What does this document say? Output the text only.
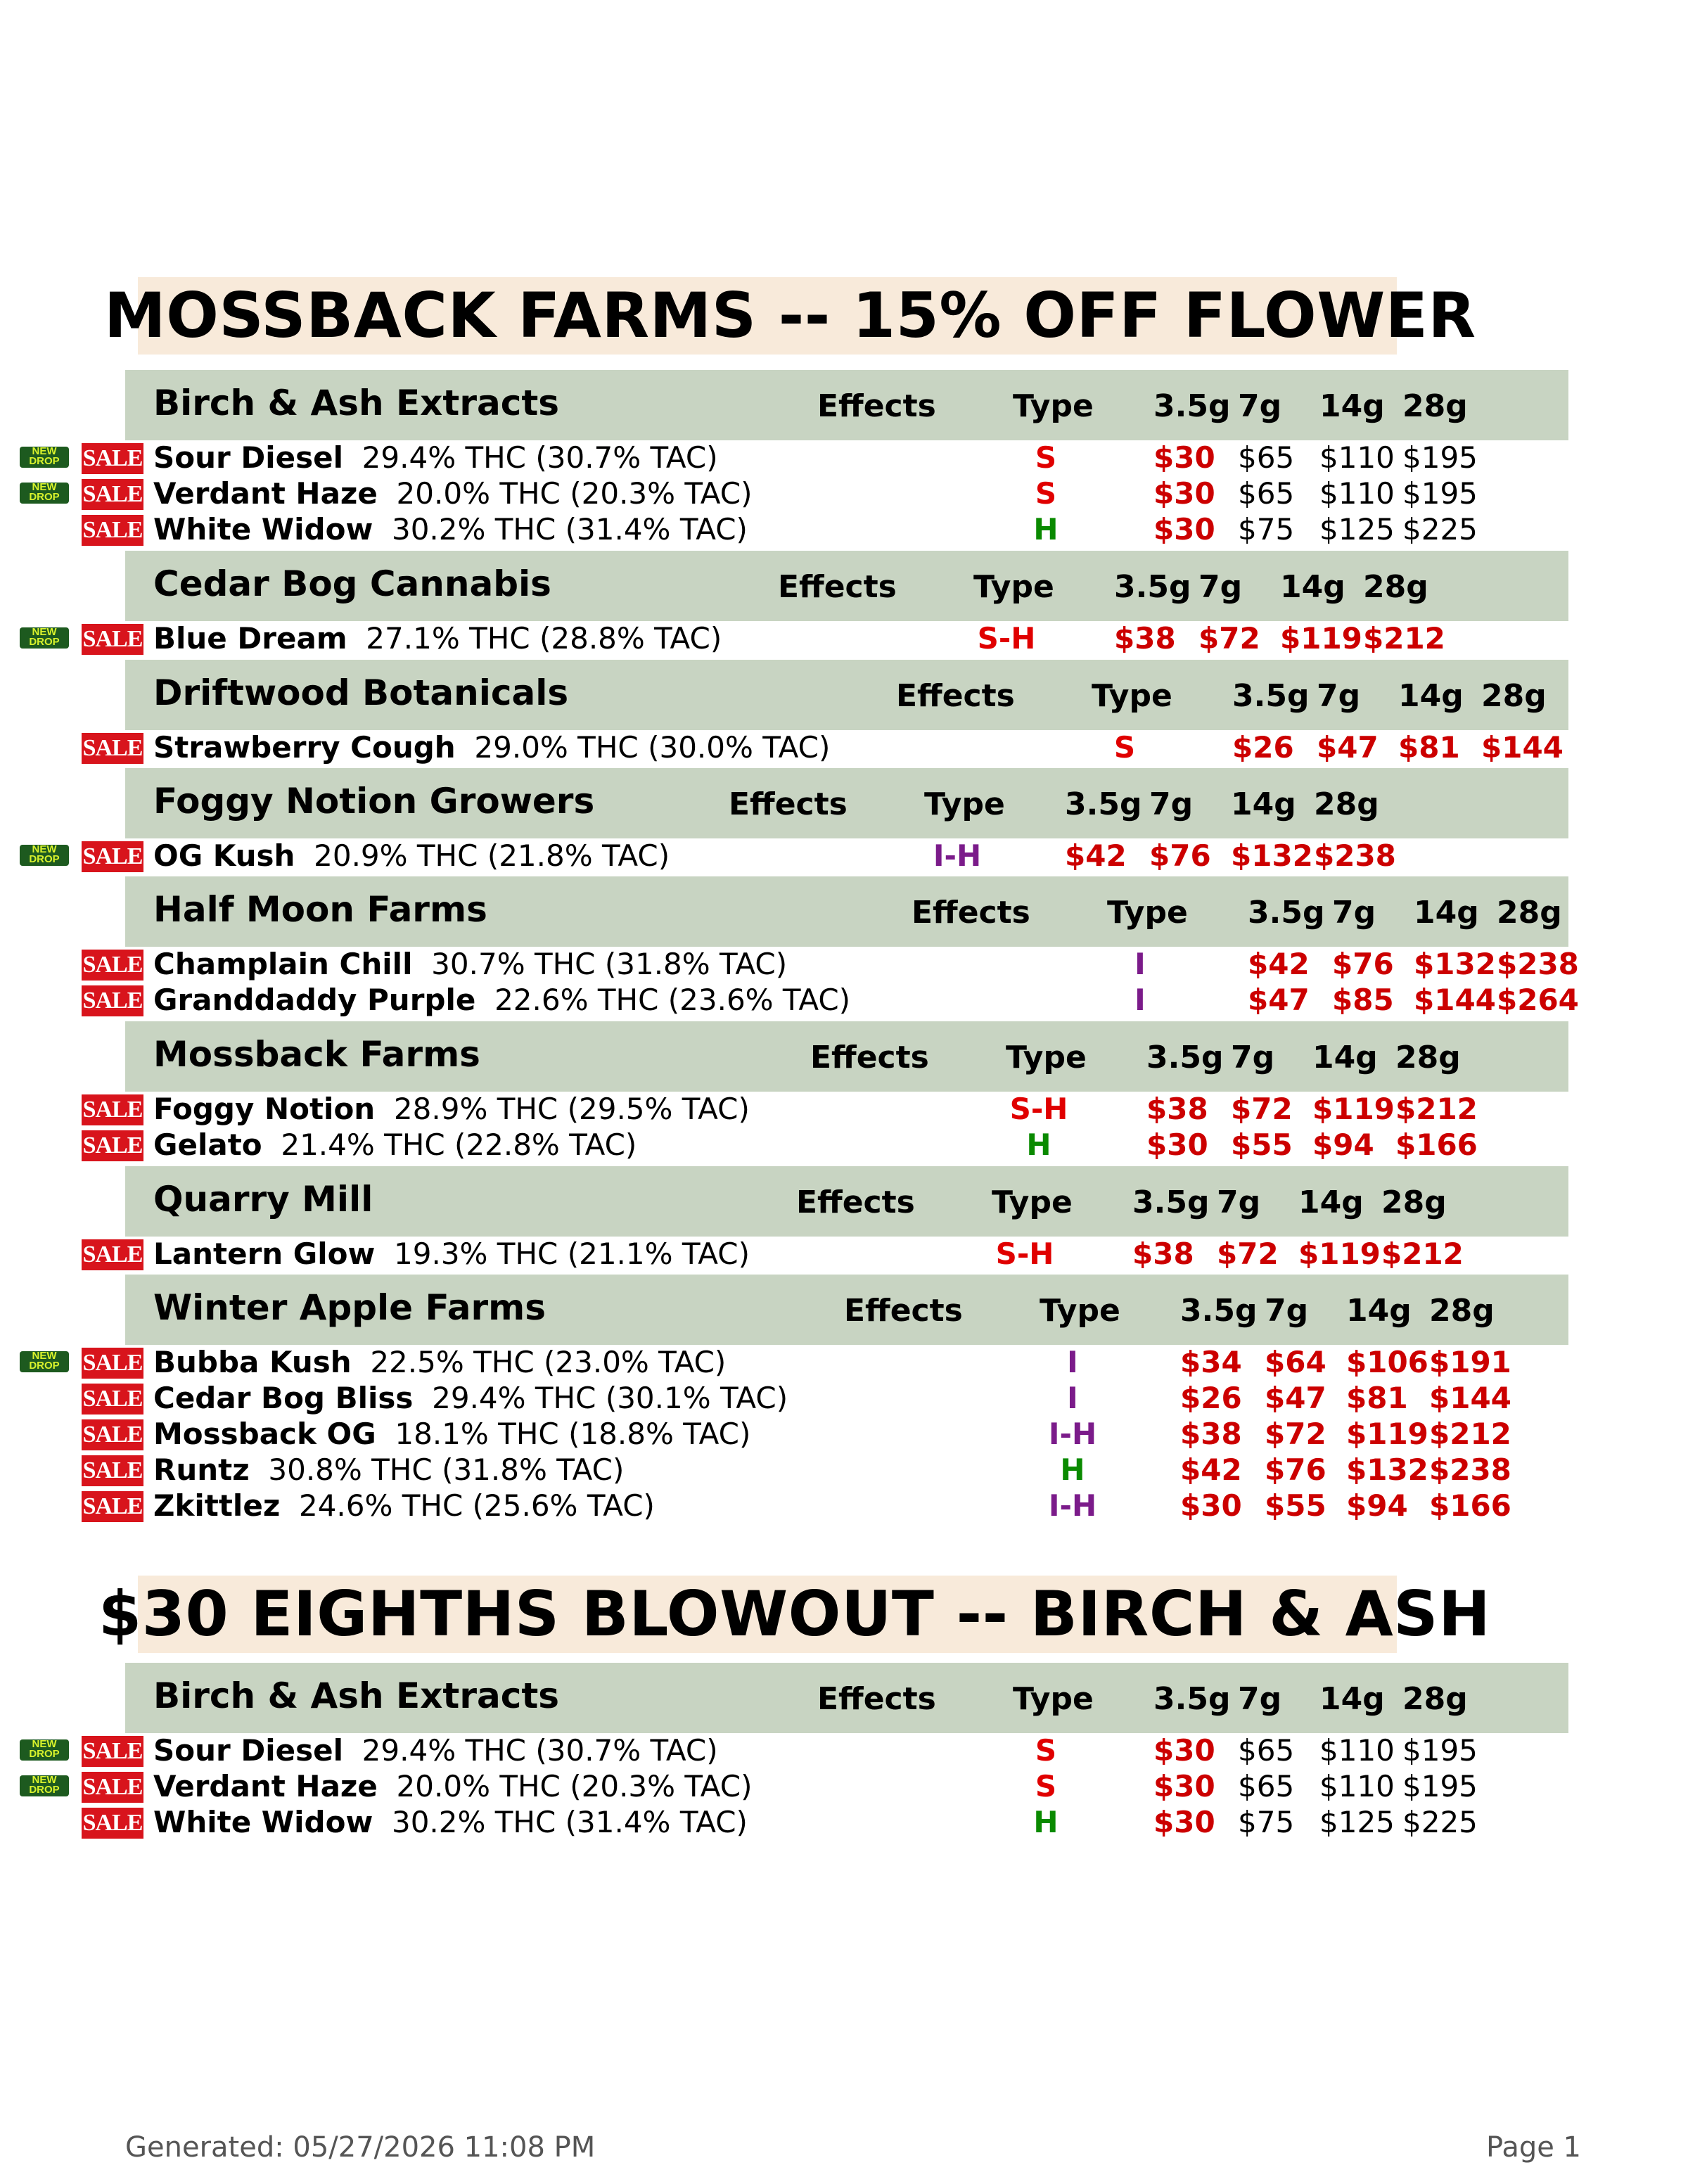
MOSSBACK FARMS -- 15% OFF FLOWER
$30 EIGHTHS BLOWOUT -- BIRCH & ASH
Birch & Ash Extracts	Effects Type 3.5g 7g 14g 28g
NEW
DROP SALE Sour Diesel 29.4% THC (30.7% TAC)	S	$30 $65 $110 $195
NEW
DROP SALE Verdant Haze 20.0% THC (20.3% TAC)	S	$30 $65 $110 $195
SALE White Widow 30.2% THC (31.4% TAC)	H	$30 $75 $125 $225
Cedar Bog Cannabis	Effects Type 3.5g 7g 14g 28g
NEW
DROP SALE Blue Dream 27.1% THC (28.8% TAC)	S-H	$38 $72 $119 $212
Driftwood Botanicals	Effects Type 3.5g 7g 14g 28g
SALE Strawberry Cough 29.0% THC (30.0% TAC)	S	$26 $47 $81 $144
Foggy Notion Growers	Effects Type 3.5g 7g 14g 28g
NEW
DROP SALE OG Kush 20.9% THC (21.8% TAC)	I-H	$42 $76 $132 $238
Half Moon Farms	Effects Type 3.5g 7g 14g 28g
SALE Champlain Chill 30.7% THC (31.8% TAC)	I	$42 $76 $132 $238
SALE Granddaddy Purple 22.6% THC (23.6% TAC)	I	$47 $85 $144 $264
Mossback Farms	Effects Type 3.5g 7g 14g 28g
SALE Foggy Notion 28.9% THC (29.5% TAC)	S-H	$38 $72 $119 $212
SALE Gelato 21.4% THC (22.8% TAC)	H	$30 $55 $94 $166
Quarry Mill	Effects Type 3.5g 7g 14g 28g
SALE Lantern Glow 19.3% THC (21.1% TAC)	S-H	$38 $72 $119 $212
Winter Apple Farms	Effects Type 3.5g 7g 14g 28g
NEW
DROP SALE Bubba Kush 22.5% THC (23.0% TAC)	I	$34 $64 $106 $191
SALE Cedar Bog Bliss 29.4% THC (30.1% TAC)	I	$26 $47 $81 $144
SALE Mossback OG 18.1% THC (18.8% TAC)	I-H	$38 $72 $119 $212
SALE Runtz 30.8% THC (31.8% TAC)	H	$42 $76 $132 $238
SALE Zkittlez 24.6% THC (25.6% TAC)	I-H	$30 $55 $94 $166
Birch & Ash Extracts	Effects Type 3.5g 7g 14g 28g
NEW
DROP SALE Sour Diesel 29.4% THC (30.7% TAC)	S	$30 $65 $110 $195
NEW
DROP SALE Verdant Haze 20.0% THC (20.3% TAC)	S	$30 $65 $110 $195
SALE White Widow 30.2% THC (31.4% TAC)	H	$30 $75 $125 $225
Generated: 05/27/2026 11:08 PM	Page 1
